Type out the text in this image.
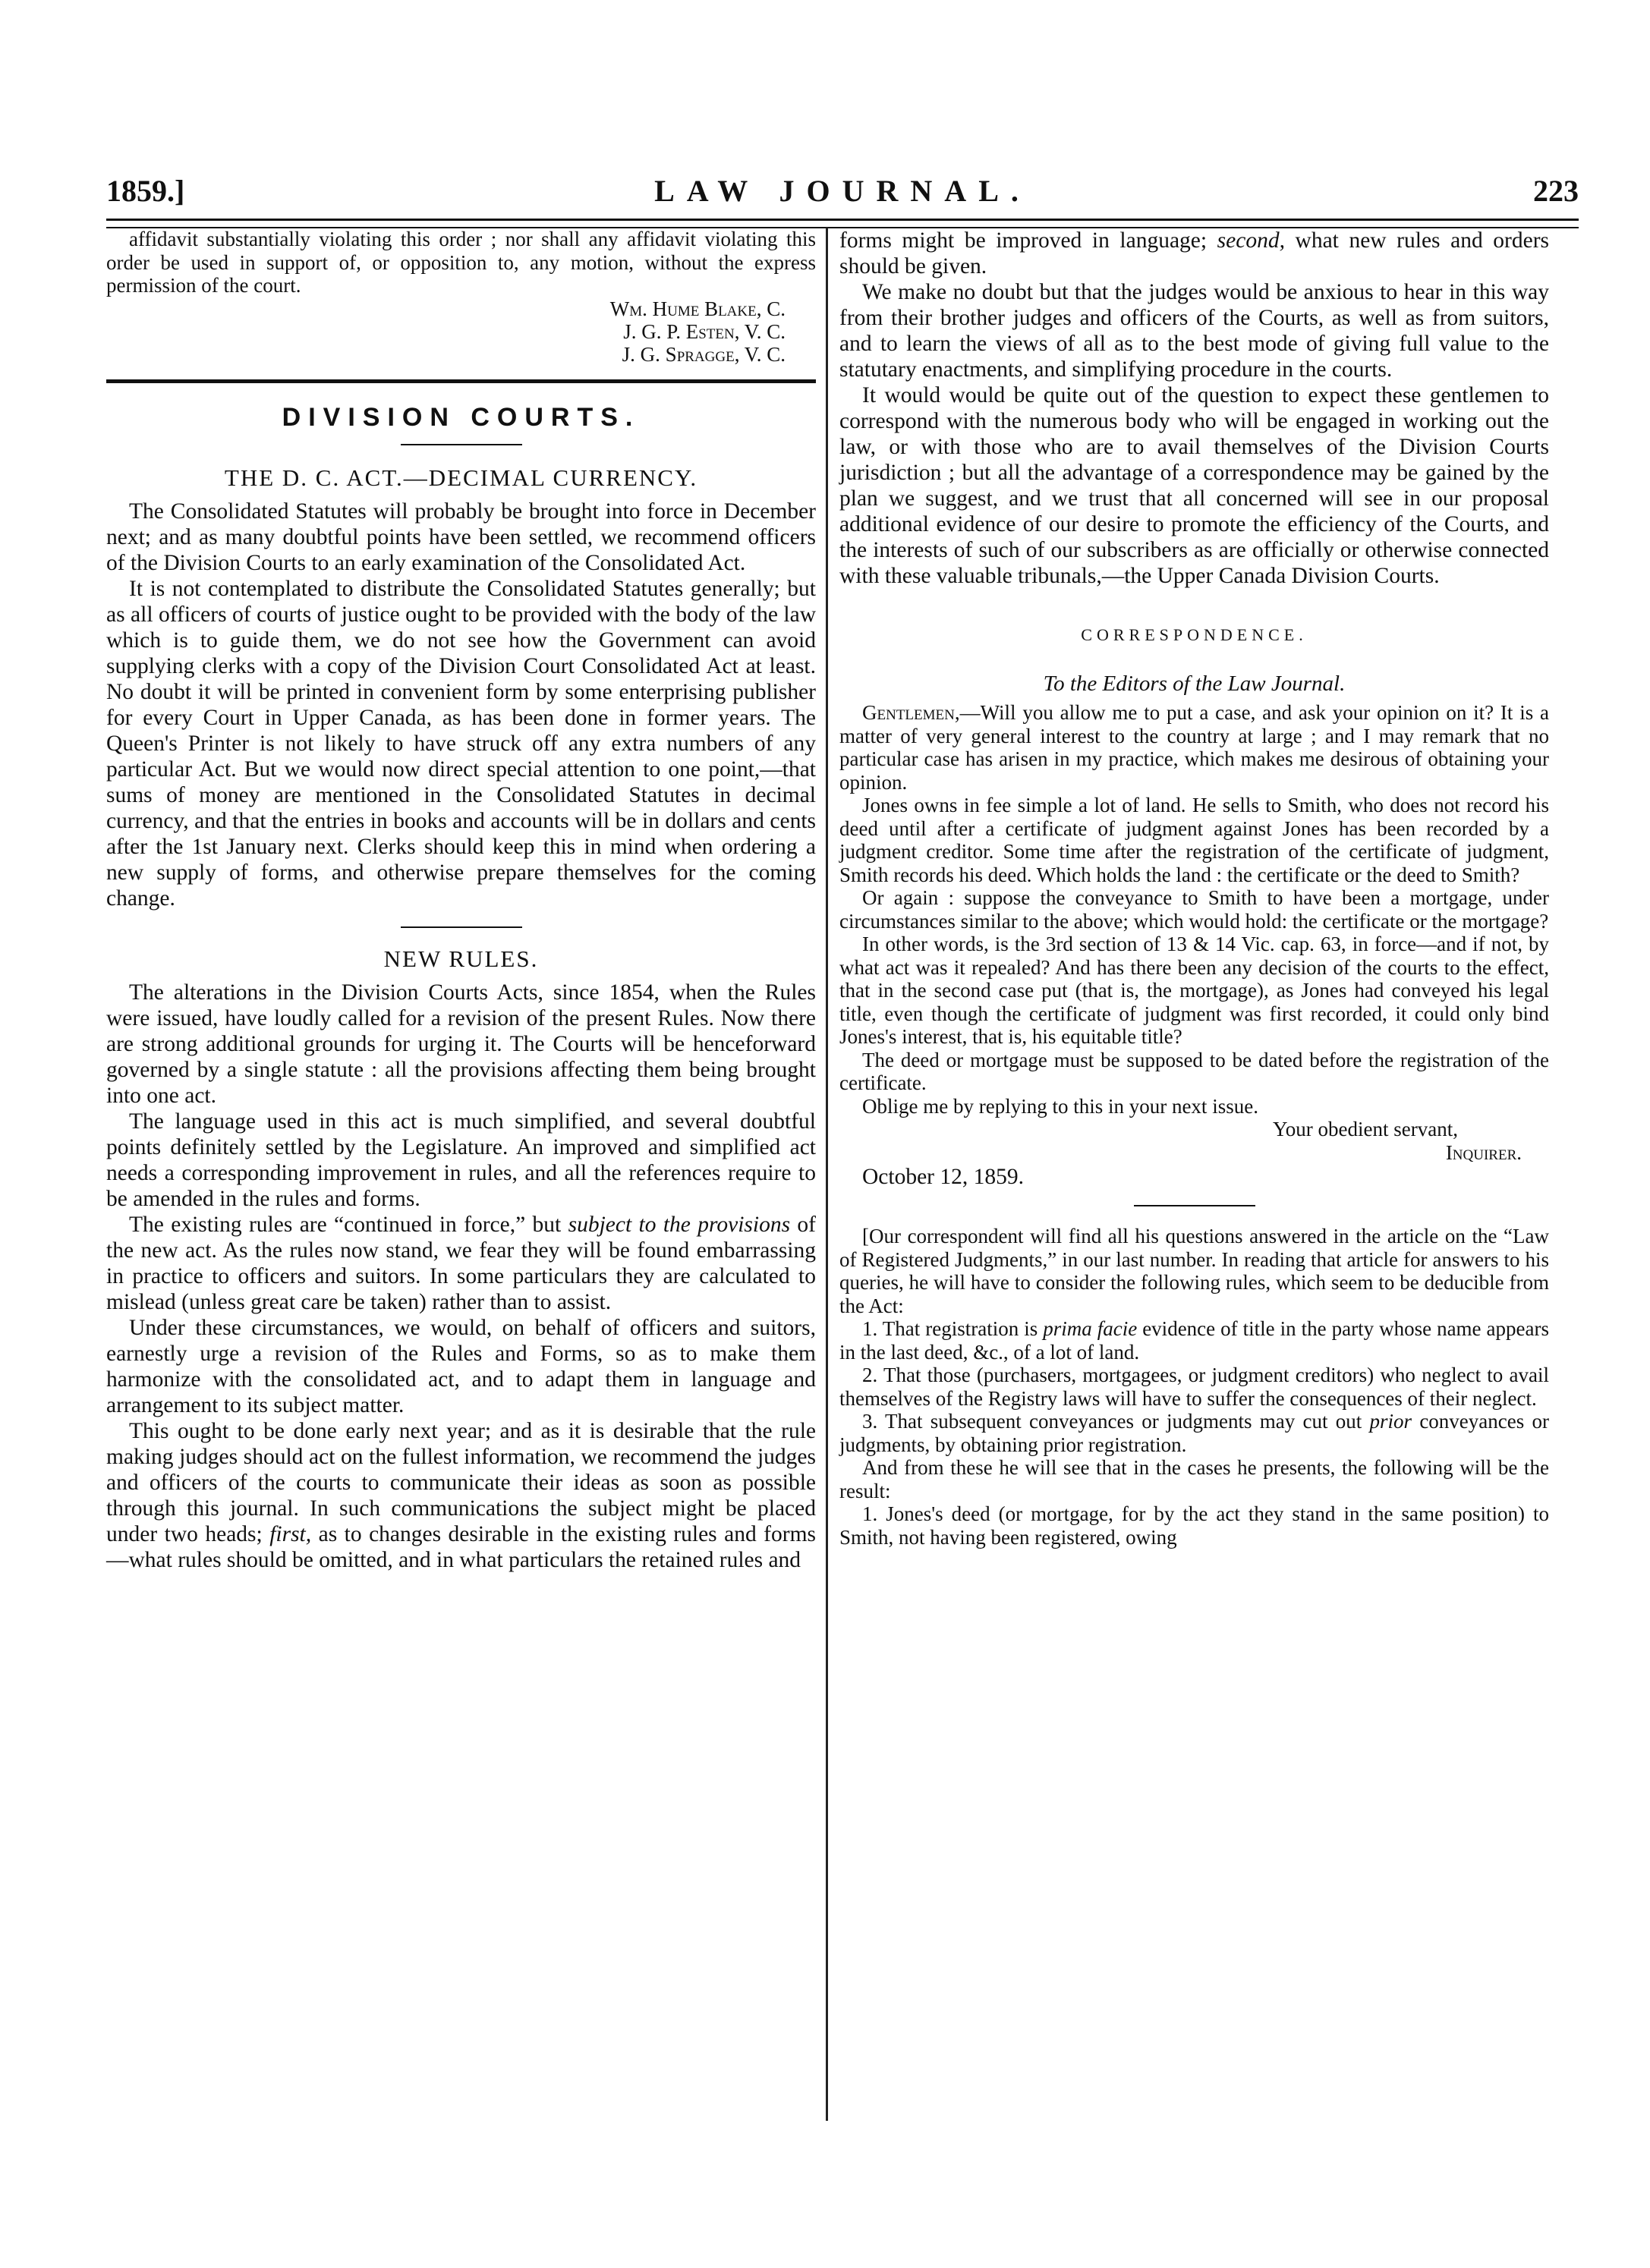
1859.]	LAW JOURNAL.	223

affidavit substantially violating this order ; nor shall any affidavit violating this order be used in support of, or opposition to, any motion, without the express permission of the court.

Wm. Hume Blake, C.
J. G. P. Esten, V. C.
J. G. Spragge, V. C.
DIVISION COURTS.
THE D. C. ACT.—DECIMAL CURRENCY.

The Consolidated Statutes will probably be brought into force in December next; and as many doubtful points have been settled, we recommend officers of the Division Courts to an early examination of the Consolidated Act.

It is not contemplated to distribute the Consolidated Statutes generally; but as all officers of courts of justice ought to be provided with the body of the law which is to guide them, we do not see how the Government can avoid supplying clerks with a copy of the Division Court Consolidated Act at least. No doubt it will be printed in convenient form by some enterprising publisher for every Court in Upper Canada, as has been done in former years. The Queen's Printer is not likely to have struck off any extra numbers of any particular Act. But we would now direct special attention to one point,—that sums of money are mentioned in the Consolidated Statutes in decimal currency, and that the entries in books and accounts will be in dollars and cents after the 1st January next. Clerks should keep this in mind when ordering a new supply of forms, and otherwise prepare themselves for the coming change.

NEW RULES.

The alterations in the Division Courts Acts, since 1854, when the Rules were issued, have loudly called for a revision of the present Rules. Now there are strong additional grounds for urging it. The Courts will be henceforward governed by a single statute : all the provisions affecting them being brought into one act.

The language used in this act is much simplified, and several doubtful points definitely settled by the Legislature. An improved and simplified act needs a corresponding improvement in rules, and all the references require to be amended in the rules and forms.

The existing rules are “continued in force,” but subject to the provisions of the new act. As the rules now stand, we fear they will be found embarrassing in practice to officers and suitors. In some particulars they are calculated to mislead (unless great care be taken) rather than to assist.

Under these circumstances, we would, on behalf of officers and suitors, earnestly urge a revision of the Rules and Forms, so as to make them harmonize with the consolidated act, and to adapt them in language and arrangement to its subject matter.

This ought to be done early next year; and as it is desirable that the rule making judges should act on the fullest information, we recommend the judges and officers of the courts to communicate their ideas as soon as possible through this journal. In such communications the subject might be placed under two heads; first, as to changes desirable in the existing rules and forms—what rules should be omitted, and in what particulars the retained rules and

forms might be improved in language; second, what new rules and orders should be given.

We make no doubt but that the judges would be anxious to hear in this way from their brother judges and officers of the Courts, as well as from suitors, and to learn the views of all as to the best mode of giving full value to the statutary enactments, and simplifying procedure in the courts.

It would would be quite out of the question to expect these gentlemen to correspond with the numerous body who will be engaged in working out the law, or with those who are to avail themselves of the Division Courts jurisdiction ; but all the advantage of a correspondence may be gained by the plan we suggest, and we trust that all concerned will see in our proposal additional evidence of our desire to promote the efficiency of the Courts, and the interests of such of our subscribers as are officially or otherwise connected with these valuable tribunals,—the Upper Canada Division Courts.

CORRESPONDENCE.
To the Editors of the Law Journal.

Gentlemen,—Will you allow me to put a case, and ask your opinion on it? It is a matter of very general interest to the country at large ; and I may remark that no particular case has arisen in my practice, which makes me desirous of obtaining your opinion.

Jones owns in fee simple a lot of land. He sells to Smith, who does not record his deed until after a certificate of judgment against Jones has been recorded by a judgment creditor. Some time after the registration of the certificate of judgment, Smith records his deed. Which holds the land : the certificate or the deed to Smith?

Or again : suppose the conveyance to Smith to have been a mortgage, under circumstances similar to the above; which would hold: the certificate or the mortgage?

In other words, is the 3rd section of 13 & 14 Vic. cap. 63, in force—and if not, by what act was it repealed? And has there been any decision of the courts to the effect, that in the second case put (that is, the mortgage), as Jones had conveyed his legal title, even though the certificate of judgment was first recorded, it could only bind Jones's interest, that is, his equitable title?

The deed or mortgage must be supposed to be dated before the registration of the certificate.

Oblige me by replying to this in your next issue.

Your obedient servant,
Inquirer.

October 12, 1859.

[Our correspondent will find all his questions answered in the article on the “Law of Registered Judgments,” in our last number. In reading that article for answers to his queries, he will have to consider the following rules, which seem to be deducible from the Act:

1. That registration is prima facie evidence of title in the party whose name appears in the last deed, &c., of a lot of land.

2. That those (purchasers, mortgagees, or judgment creditors) who neglect to avail themselves of the Registry laws will have to suffer the consequences of their neglect.

3. That subsequent conveyances or judgments may cut out prior conveyances or judgments, by obtaining prior registration.

And from these he will see that in the cases he presents, the following will be the result:

1. Jones's deed (or mortgage, for by the act they stand in the same position) to Smith, not having been registered, owing
